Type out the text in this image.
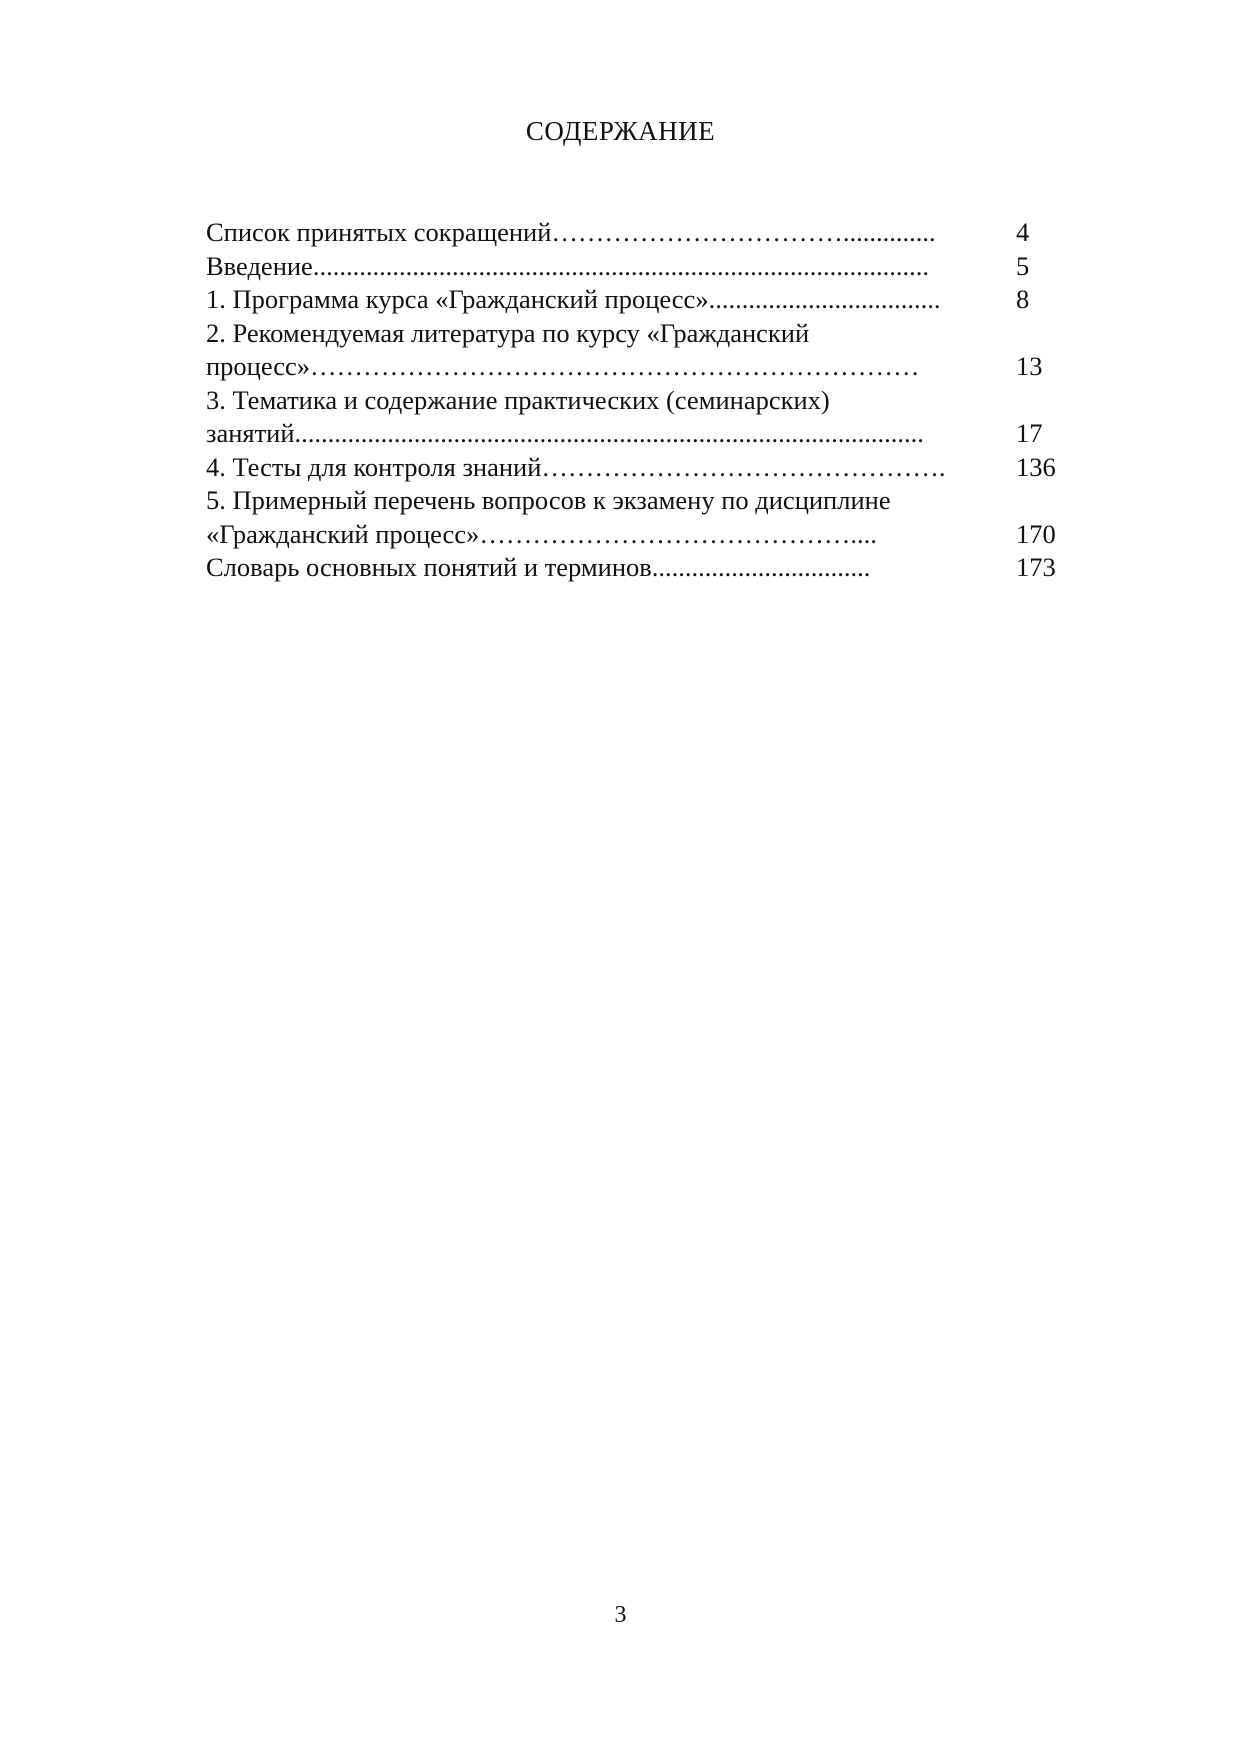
СОДЕРЖАНИЕ
Список принятых сокращений……………………………..............	4
Введение.............................................................................................	5
1. Программа курса «Гражданский процесс»...................................	8
2. Рекомендуемая литература по курсу «Гражданский
процесс»……………………………………………………………	13
3. Тематика и содержание практических (семинарских)
занятий...............................................................................................	17
4. Тесты для контроля знаний……………………………………….	136
5. Примерный перечень вопросов к экзамену по дисциплине
«Гражданский процесс»……………………………………....	170
Словарь основных понятий и терминов.................................	173
3
